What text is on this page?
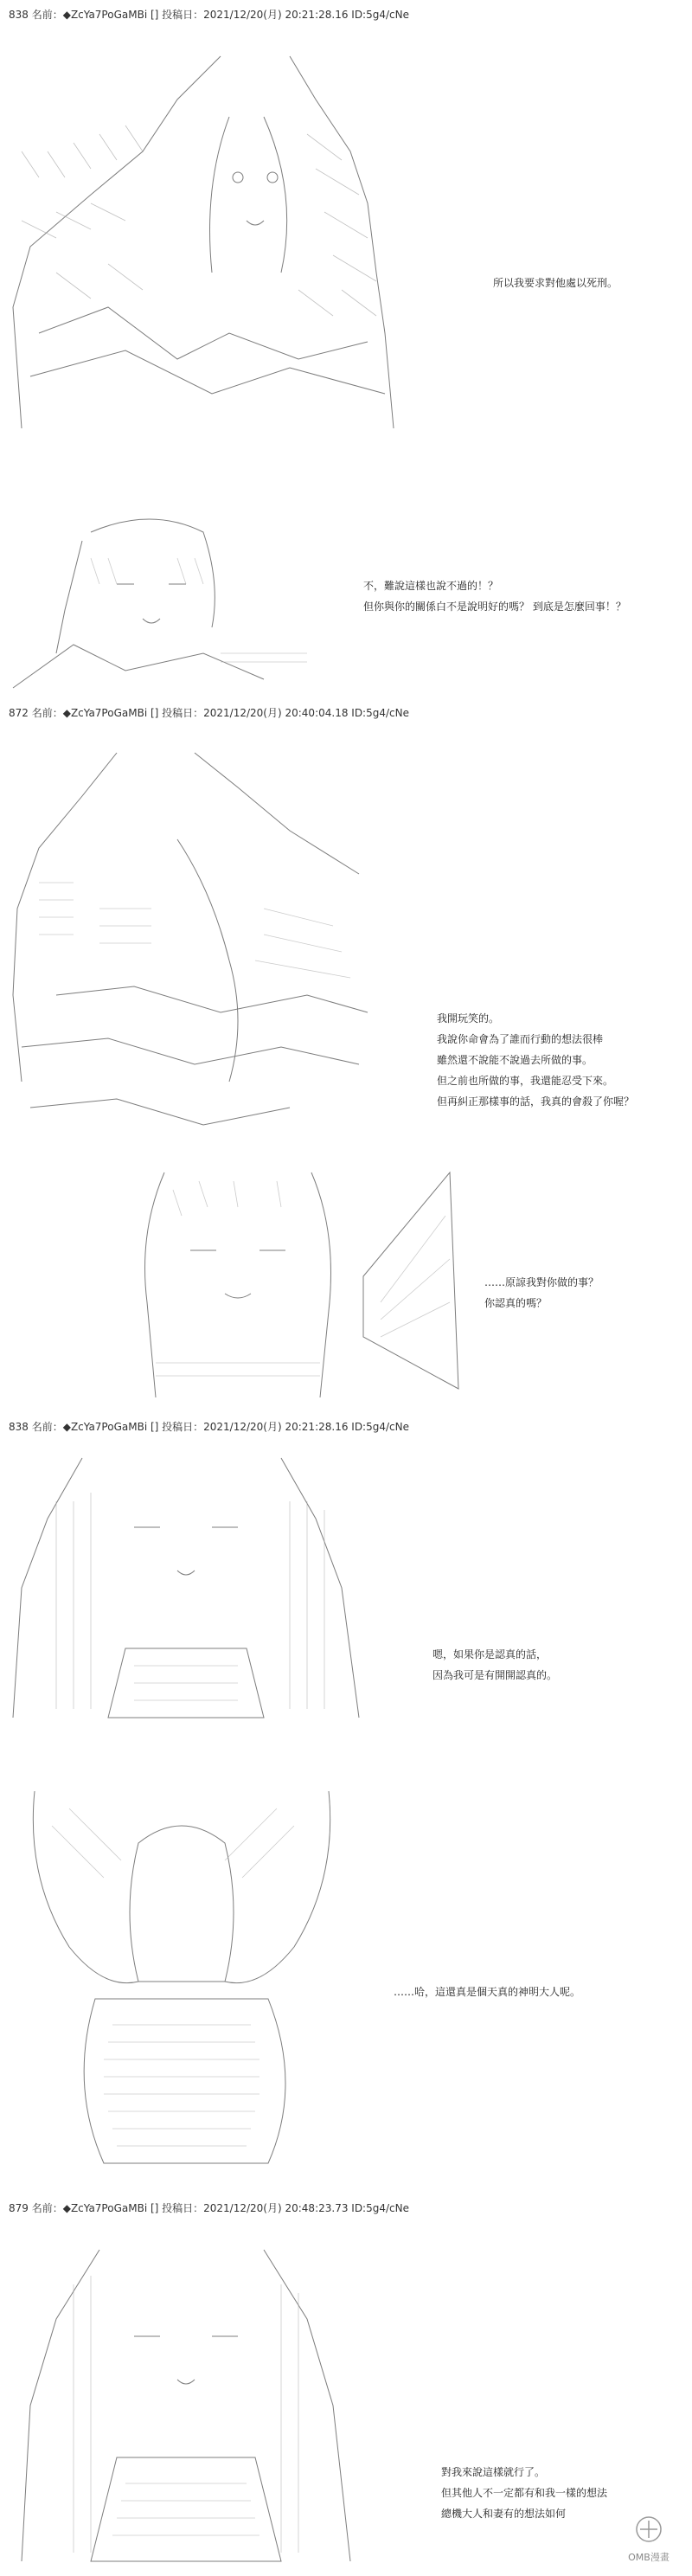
838 名前：◆ZcYa7PoGaMBi [] 投稿日：2021/12/20(月) 20:21:28.16 ID:5g4/cNe
所以我要求對他處以死刑。
不，難說這樣也說不過的！？
但你與你的關係白不是說明好的嗎？ 到底是怎麼回事！？
872 名前：◆ZcYa7PoGaMBi [] 投稿日：2021/12/20(月) 20:40:04.18 ID:5g4/cNe
我開玩笑的。
我說你命會為了誰而行動的想法很棒
雖然還不說能不說過去所做的事。
但之前也所做的事，我還能忍受下來。
但再糾正那樣事的話，我真的會殺了你喔？
……原諒我對你做的事？
你認真的嗎？
838 名前：◆ZcYa7PoGaMBi [] 投稿日：2021/12/20(月) 20:21:28.16 ID:5g4/cNe
嗯，如果你是認真的話，
因為我可是有開開認真的。
……哈，這還真是個天真的神明大人呢。
879 名前：◆ZcYa7PoGaMBi [] 投稿日：2021/12/20(月) 20:48:23.73 ID:5g4/cNe
對我來說這樣就行了。
但其他人不一定都有和我一樣的想法
總機大人和妻有的想法如何
OMB漫畫
